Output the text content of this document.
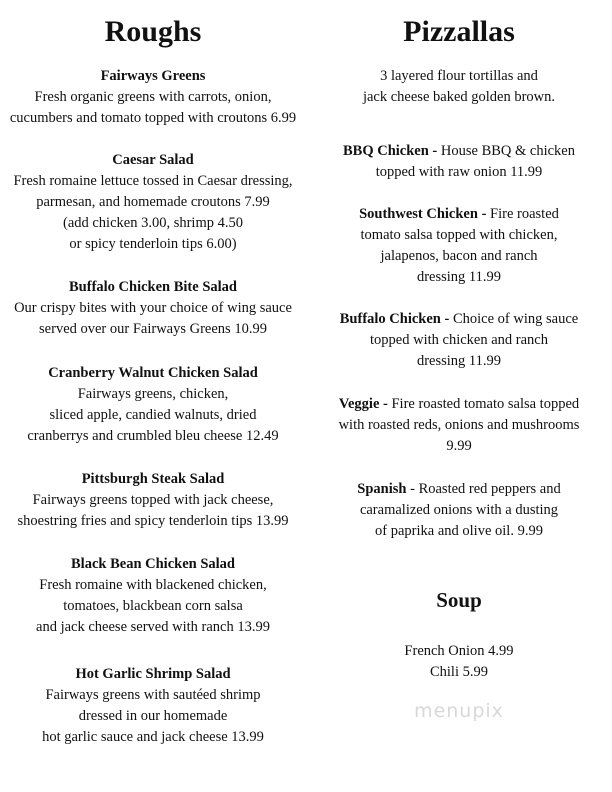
Roughs
Fairways Greens
Fresh organic greens with carrots, onion,
cucumbers and tomato topped with croutons 6.99
Caesar Salad
Fresh romaine lettuce tossed in Caesar dressing,
parmesan, and homemade croutons 7.99
(add chicken 3.00, shrimp 4.50
or spicy tenderloin tips 6.00)
Buffalo Chicken Bite Salad
Our crispy bites with your choice of wing sauce
served over our Fairways Greens 10.99
Cranberry Walnut Chicken Salad
Fairways greens, chicken,
sliced apple, candied walnuts, dried
cranberrys and crumbled bleu cheese 12.49
Pittsburgh Steak Salad
Fairways greens topped with jack cheese,
shoestring fries and spicy tenderloin tips 13.99
Black Bean Chicken Salad
Fresh romaine with blackened chicken,
tomatoes, blackbean corn salsa
and jack cheese served with ranch 13.99
Hot Garlic Shrimp Salad
Fairways greens with sautéed shrimp
dressed in our homemade
hot garlic sauce and jack cheese 13.99
Pizzallas
3 layered flour tortillas and
jack cheese baked golden brown.
BBQ Chicken - House BBQ & chicken
topped with raw onion 11.99
Southwest Chicken - Fire roasted
tomato salsa topped with chicken,
jalapenos, bacon and ranch
dressing 11.99
Buffalo Chicken - Choice of wing sauce
topped with chicken and ranch
dressing 11.99
Veggie - Fire roasted tomato salsa topped
with roasted reds, onions and mushrooms
9.99
Spanish - Roasted red peppers and
caramalized onions with a dusting
of paprika and olive oil. 9.99
Soup
French Onion 4.99
Chili 5.99
menupix
